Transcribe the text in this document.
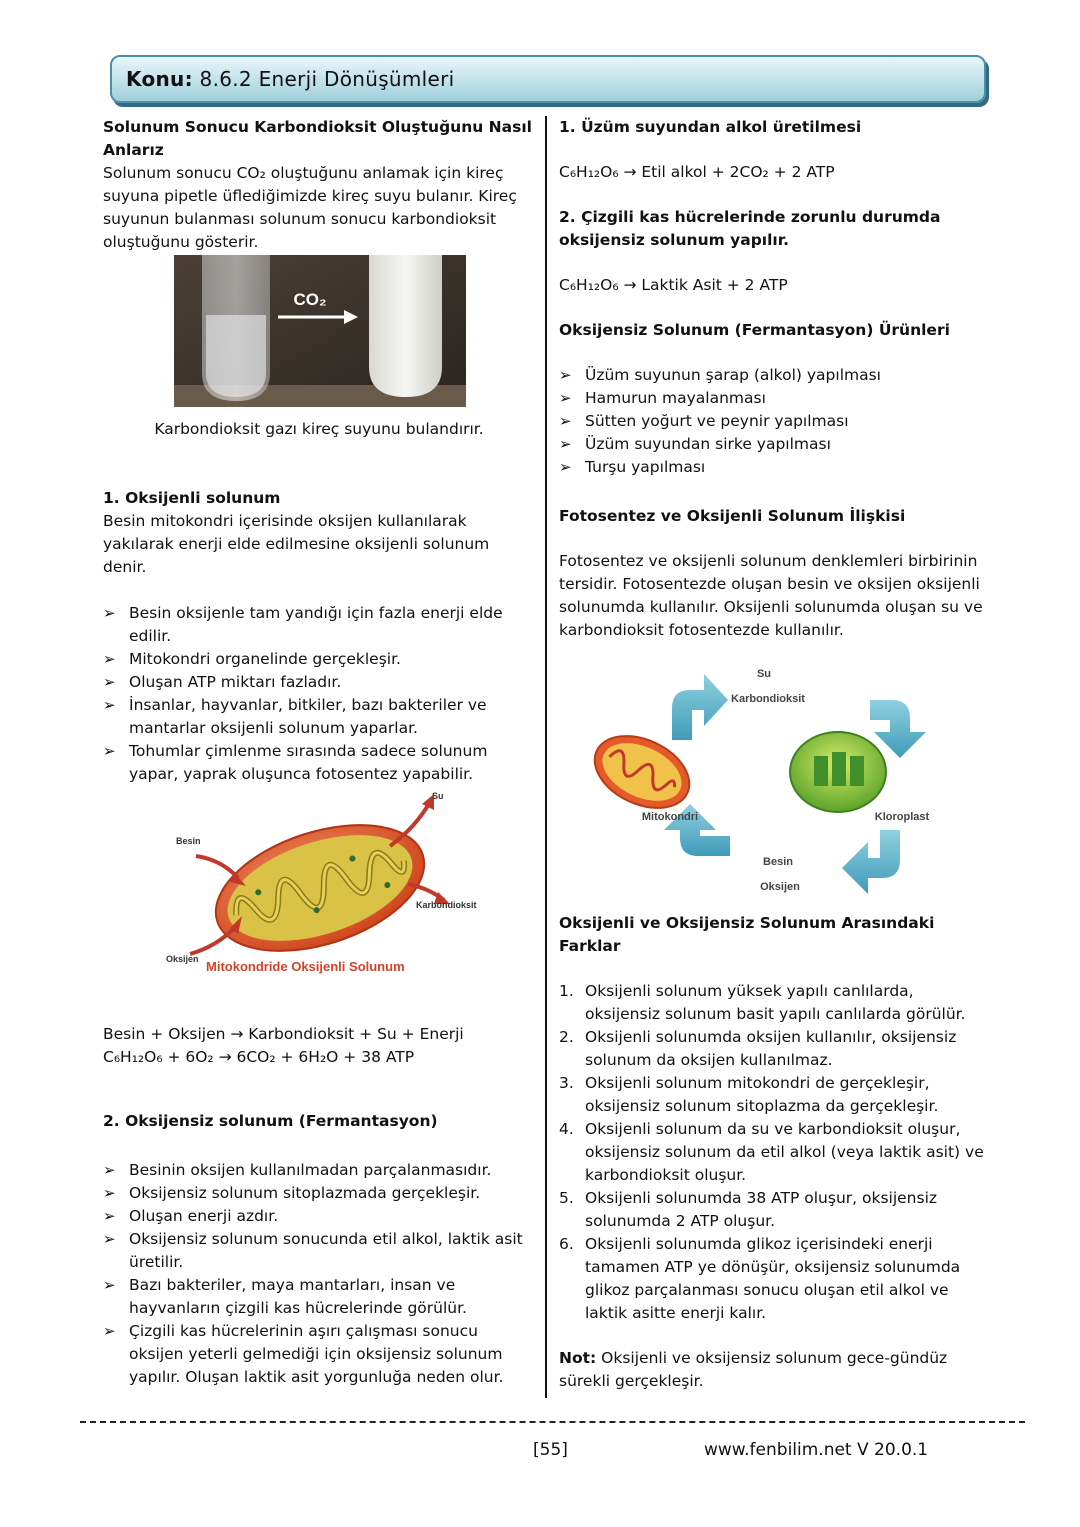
Konu: 8.6.2 Enerji Dönüşümleri

Solunum Sonucu Karbondioksit Oluştuğunu Nasıl Anlarız

Solunum sonucu CO₂ oluştuğunu anlamak için kireç suyuna pipetle üflediğimizde kireç suyu bulanır. Kireç suyunun bulanması solunum sonucu karbondioksit oluştuğunu gösterir.

CO₂
Karbondioksit gazı kireç suyunu bulandırır.

1. Oksijenli solunum

Besin mitokondri içerisinde oksijen kullanılarak yakılarak enerji elde edilmesine oksijenli solunum denir.

➢ Besin oksijenle tam yandığı için fazla enerji elde edilir.
➢ Mitokondri organelinde gerçekleşir.
➢ Oluşan ATP miktarı fazladır.
➢ İnsanlar, hayvanlar, bitkiler, bazı bakteriler ve mantarlar oksijenli solunum yaparlar.
➢ Tohumlar çimlenme sırasında sadece solunum yapar, yaprak oluşunca fotosentez yapabilir.
Besin
Su
Karbondioksit
Oksijen Mitokondride Oksijenli Solunum

Besin + Oksijen → Karbondioksit + Su + Enerji

C₆H₁₂O₆ + 6O₂ → 6CO₂ + 6H₂O + 38 ATP

2. Oksijensiz solunum (Fermantasyon)

➢ Besinin oksijen kullanılmadan parçalanmasıdır.
➢ Oksijensiz solunum sitoplazmada gerçekleşir.
➢ Oluşan enerji azdır.
➢ Oksijensiz solunum sonucunda etil alkol, laktik asit üretilir.
➢ Bazı bakteriler, maya mantarları, insan ve hayvanların çizgili kas hücrelerinde görülür.
➢ Çizgili kas hücrelerinin aşırı çalışması sonucu oksijen yeterli gelmediği için oksijensiz solunum yapılır. Oluşan laktik asit yorgunluğa neden olur.

1. Üzüm suyundan alkol üretilmesi

C₆H₁₂O₆ → Etil alkol + 2CO₂ + 2 ATP

2. Çizgili kas hücrelerinde zorunlu durumda oksijensiz solunum yapılır.

C₆H₁₂O₆ → Laktik Asit + 2 ATP

Oksijensiz Solunum (Fermantasyon) Ürünleri

➢ Üzüm suyunun şarap (alkol) yapılması
➢ Hamurun mayalanması
➢ Sütten yoğurt ve peynir yapılması
➢ Üzüm suyundan sirke yapılması
➢ Turşu yapılması

Fotosentez ve Oksijenli Solunum İlişkisi

Fotosentez ve oksijenli solunum denklemleri birbirinin tersidir. Fotosentezde oluşan besin ve oksijen oksijenli solunumda kullanılır. Oksijenli solunumda oluşan su ve karbondioksit fotosentezde kullanılır.

Su
Karbondioksit
Mitokondri	Kloroplast
Besin
Oksijen

Oksijenli ve Oksijensiz Solunum Arasındaki Farklar

1. Oksijenli solunum yüksek yapılı canlılarda, oksijensiz solunum basit yapılı canlılarda görülür.
2. Oksijenli solunumda oksijen kullanılır, oksijensiz solunum da oksijen kullanılmaz.
3. Oksijenli solunum mitokondri de gerçekleşir, oksijensiz solunum sitoplazma da gerçekleşir.
4. Oksijenli solunum da su ve karbondioksit oluşur, oksijensiz solunum da etil alkol (veya laktik asit) ve karbondioksit oluşur.
5. Oksijenli solunumda 38 ATP oluşur, oksijensiz solunumda 2 ATP oluşur.
6. Oksijenli solunumda glikoz içerisindeki enerji tamamen ATP ye dönüşür, oksijensiz solunumda glikoz parçalanması sonucu oluşan etil alkol ve laktik asitte enerji kalır.

Not: Oksijenli ve oksijensiz solunum gece-gündüz sürekli gerçekleşir.

[55]	www.fenbilim.net V 20.0.1
